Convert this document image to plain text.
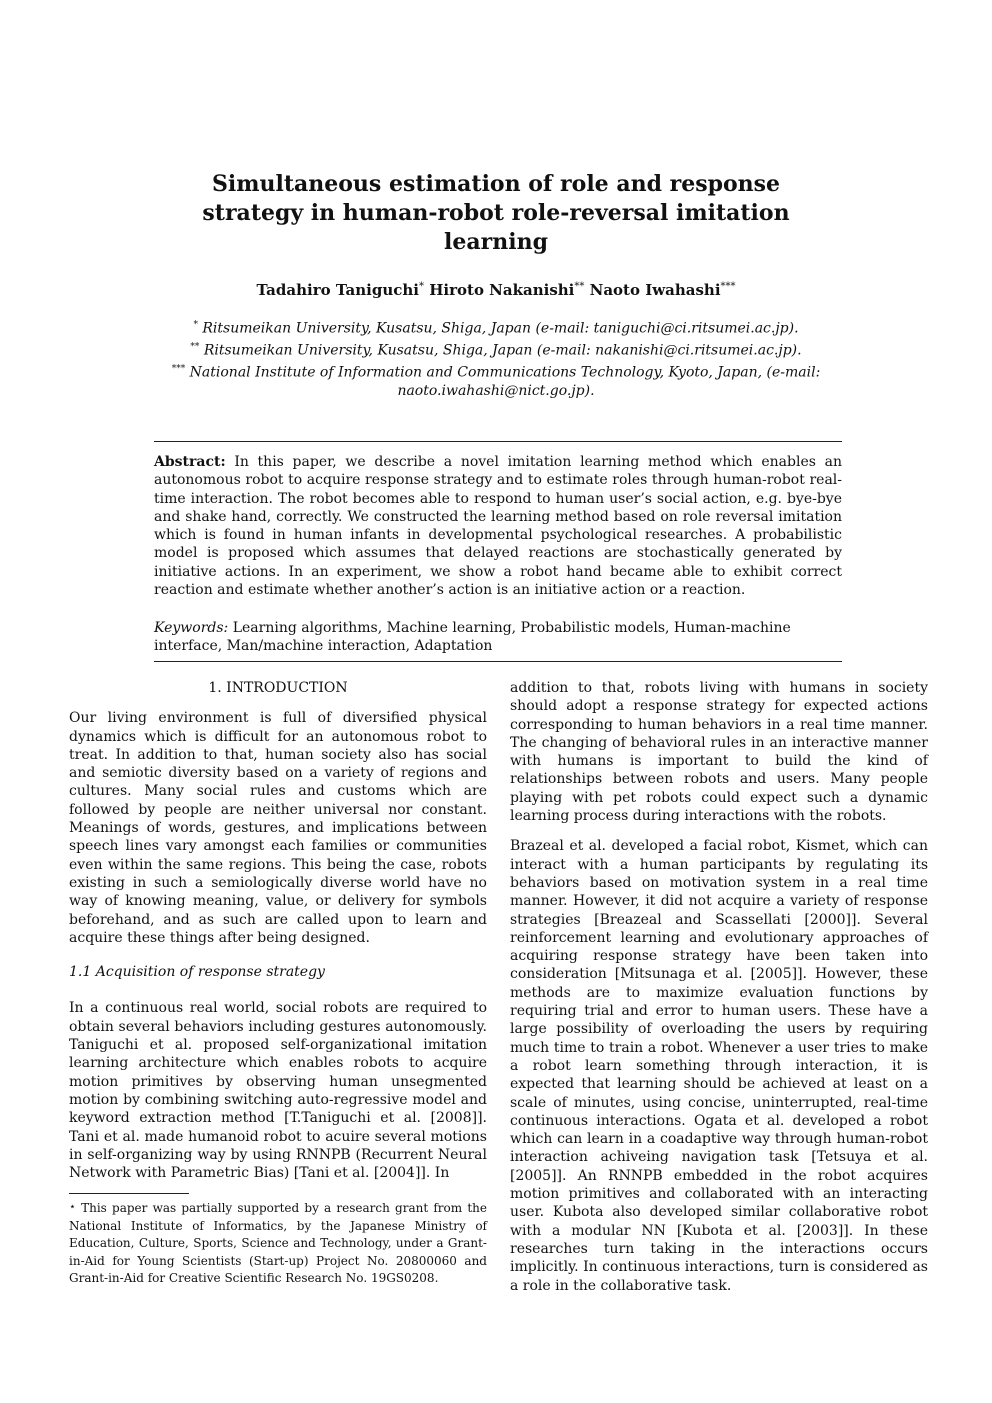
Simultaneous estimation of role and response strategy in human-robot role-reversal imitation learning
Tadahiro Taniguchi* Hiroto Nakanishi** Naoto Iwahashi***
* Ritsumeikan University, Kusatsu, Shiga, Japan (e-mail: taniguchi@ci.ritsumei.ac.jp).
** Ritsumeikan University, Kusatsu, Shiga, Japan (e-mail: nakanishi@ci.ritsumei.ac.jp).
*** National Institute of Information and Communications Technology, Kyoto, Japan, (e-mail: naoto.iwahashi@nict.go.jp).

Abstract: In this paper, we describe a novel imitation learning method which enables an autonomous robot to acquire response strategy and to estimate roles through human-robot real-time interaction. The robot becomes able to respond to human user’s social action, e.g. bye-bye and shake hand, correctly. We constructed the learning method based on role reversal imitation which is found in human infants in developmental psychological researches. A probabilistic model is proposed which assumes that delayed reactions are stochastically generated by initiative actions. In an experiment, we show a robot hand became able to exhibit correct reaction and estimate whether another’s action is an initiative action or a reaction.

Keywords: Learning algorithms, Machine learning, Probabilistic models, Human-machine interface, Man/machine interaction, Adaptation

1. INTRODUCTION

Our living environment is full of diversified physical dynamics which is difficult for an autonomous robot to treat. In addition to that, human society also has social and semiotic diversity based on a variety of regions and cultures. Many social rules and customs which are followed by people are neither universal nor constant. Meanings of words, gestures, and implications between speech lines vary amongst each families or communities even within the same regions. This being the case, robots existing in such a semiologically diverse world have no way of knowing meaning, value, or delivery for symbols beforehand, and as such are called upon to learn and acquire these things after being designed.

1.1 Acquisition of response strategy

In a continuous real world, social robots are required to obtain several behaviors including gestures autonomously. Taniguchi et al. proposed self-organizational imitation learning architecture which enables robots to acquire motion primitives by observing human unsegmented motion by combining switching auto-regressive model and keyword extraction method [T.Taniguchi et al. [2008]]. Tani et al. made humanoid robot to acuire several motions in self-organizing way by using RNNPB (Recurrent Neural Network with Parametric Bias) [Tani et al. [2004]]. In

⋆ This paper was partially supported by a research grant from the National Institute of Informatics, by the Japanese Ministry of Education, Culture, Sports, Science and Technology, under a Grant-in-Aid for Young Scientists (Start-up) Project No. 20800060 and Grant-in-Aid for Creative Scientific Research No. 19GS0208.

addition to that, robots living with humans in society should adopt a response strategy for expected actions corresponding to human behaviors in a real time manner. The changing of behavioral rules in an interactive manner with humans is important to build the kind of relationships between robots and users. Many people playing with pet robots could expect such a dynamic learning process during interactions with the robots.

Brazeal et al. developed a facial robot, Kismet, which can interact with a human participants by regulating its behaviors based on motivation system in a real time manner. However, it did not acquire a variety of response strategies [Breazeal and Scassellati [2000]]. Several reinforcement learning and evolutionary approaches of acquiring response strategy have been taken into consideration [Mitsunaga et al. [2005]]. However, these methods are to maximize evaluation functions by requiring trial and error to human users. These have a large possibility of overloading the users by requiring much time to train a robot. Whenever a user tries to make a robot learn something through interaction, it is expected that learning should be achieved at least on a scale of minutes, using concise, uninterrupted, real-time continuous interactions. Ogata et al. developed a robot which can learn in a coadaptive way through human-robot interaction achiveing navigation task [Tetsuya et al. [2005]]. An RNNPB embedded in the robot acquires motion primitives and collaborated with an interacting user. Kubota also developed similar collaborative robot with a modular NN [Kubota et al. [2003]]. In these researches turn taking in the interactions occurs implicitly. In continuous interactions, turn is considered as a role in the collaborative task.
